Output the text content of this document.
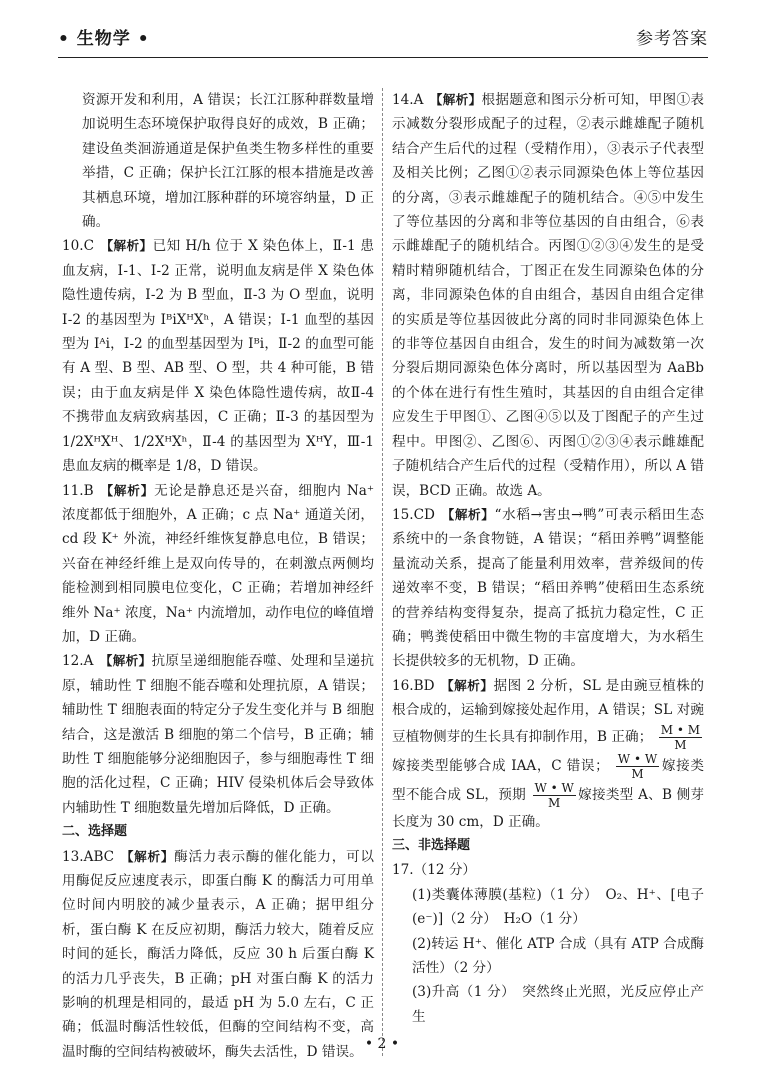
• 生物学 •	参考答案

资源开发和利用，A 错误；长江江豚种群数量增加说明生态环境保护取得良好的成效，B 正确；建设鱼类洄游通道是保护鱼类生物多样性的重要举措，C 正确；保护长江江豚的根本措施是改善其栖息环境，增加江豚种群的环境容纳量，D 正确。

10.C 【解析】已知 H/h 位于 X 染色体上，Ⅱ-1 患血友病，Ⅰ-1、Ⅰ-2 正常，说明血友病是伴 X 染色体隐性遗传病，Ⅰ-2 为 B 型血，Ⅱ-3 为 O 型血，说明Ⅰ-2 的基因型为 IᴮiXᴴXʰ，A 错误；Ⅰ-1 血型的基因型为 Iᴬi，Ⅰ-2 的血型基因型为 Iᴮi，Ⅱ-2 的血型可能有 A 型、B 型、AB 型、O 型，共 4 种可能，B 错误；由于血友病是伴 X 染色体隐性遗传病，故Ⅱ-4 不携带血友病致病基因，C 正确；Ⅱ-3 的基因型为 1/2XᴴXᴴ、1/2XᴴXʰ，Ⅱ-4 的基因型为 XᴴY，Ⅲ-1 患血友病的概率是 1/8，D 错误。

11.B 【解析】无论是静息还是兴奋，细胞内 Na⁺ 浓度都低于细胞外，A 正确；c 点 Na⁺ 通道关闭，cd 段 K⁺ 外流，神经纤维恢复静息电位，B 错误；兴奋在神经纤维上是双向传导的，在刺激点两侧均能检测到相同膜电位变化，C 正确；若增加神经纤维外 Na⁺ 浓度，Na⁺ 内流增加，动作电位的峰值增加，D 正确。

12.A 【解析】抗原呈递细胞能吞噬、处理和呈递抗原，辅助性 T 细胞不能吞噬和处理抗原，A 错误；辅助性 T 细胞表面的特定分子发生变化并与 B 细胞结合，这是激活 B 细胞的第二个信号，B 正确；辅助性 T 细胞能够分泌细胞因子，参与细胞毒性 T 细胞的活化过程，C 正确；HIV 侵染机体后会导致体内辅助性 T 细胞数量先增加后降低，D 正确。

二、选择题

13.ABC 【解析】酶活力表示酶的催化能力，可以用酶促反应速度表示，即蛋白酶 K 的酶活力可用单位时间内明胶的减少量表示，A 正确；据甲组分析，蛋白酶 K 在反应初期，酶活力较大，随着反应时间的延长，酶活力降低，反应 30 h 后蛋白酶 K 的活力几乎丧失，B 正确；pH 对蛋白酶 K 的活力影响的机理是相同的，最适 pH 为 5.0 左右，C 正确；低温时酶活性较低，但酶的空间结构不变，高温时酶的空间结构被破坏，酶失去活性，D 错误。

14.A 【解析】根据题意和图示分析可知，甲图①表示减数分裂形成配子的过程，②表示雌雄配子随机结合产生后代的过程（受精作用），③表示子代表型及相关比例；乙图①②表示同源染色体上等位基因的分离，③表示雌雄配子的随机结合。④⑤中发生了等位基因的分离和非等位基因的自由组合，⑥表示雌雄配子的随机结合。丙图①②③④发生的是受精时精卵随机结合，丁图正在发生同源染色体的分离，非同源染色体的自由组合，基因自由组合定律的实质是等位基因彼此分离的同时非同源染色体上的非等位基因自由组合，发生的时间为减数第一次分裂后期同源染色体分离时，所以基因型为 AaBb 的个体在进行有性生殖时，其基因的自由组合定律应发生于甲图①、乙图④⑤以及丁图配子的产生过程中。甲图②、乙图⑥、丙图①②③④表示雌雄配子随机结合产生后代的过程（受精作用），所以 A 错误，BCD 正确。故选 A。

15.CD 【解析】“水稻→害虫→鸭”可表示稻田生态系统中的一条食物链，A 错误；“稻田养鸭”调整能量流动关系，提高了能量利用效率，营养级间的传递效率不变，B 错误；“稻田养鸭”使稻田生态系统的营养结构变得复杂，提高了抵抗力稳定性，C 正确；鸭粪使稻田中微生物的丰富度增大，为水稻生长提供较多的无机物，D 正确。

16.BD 【解析】据图 2 分析，SL 是由豌豆植株的根合成的，运输到嫁接处起作用，A 错误；SL 对豌豆植物侧芽的生长具有抑制作用，B 正确； $\frac{M • M}{M}$
嫁接类型能够合成 IAA，C 错误； $\frac{W • W}{M}$ 嫁接类型不能合成 SL，预期 $\frac{W • W}{M}$ 嫁接类型 A、B 侧芽长度为 30 cm，D 正确。

三、非选择题

17.（12 分）

(1)类囊体薄膜(基粒)（1 分）　O₂、H⁺、[电子(e⁻)]（2 分）　H₂O（1 分）

(2)转运 H⁺、催化 ATP 合成（具有 ATP 合成酶活性）（2 分）

(3)升高（1 分）　突然终止光照，光反应停止产生

• 2 •
